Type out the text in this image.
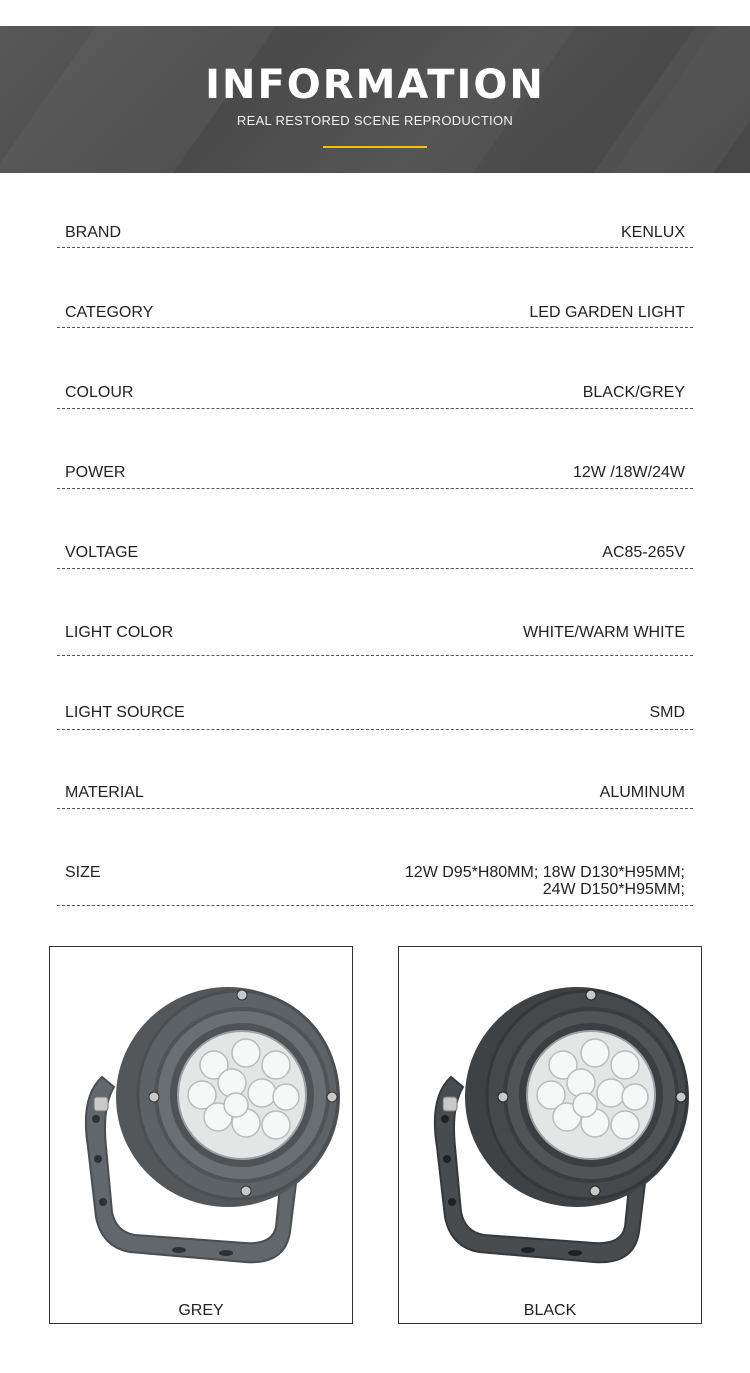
INFORMATION
REAL RESTORED SCENE REPRODUCTION
BRAND	KENLUX
CATEGORY	LED GARDEN LIGHT
COLOUR	BLACK/GREY
POWER	12W /18W/24W
VOLTAGE	AC85-265V
LIGHT COLOR	WHITE/WARM WHITE
LIGHT SOURCE	SMD
MATERIAL	ALUMINUM
SIZE	12W D95*H80MM; 18W D130*H95MM;
24W D150*H95MM;
GREY	BLACK
